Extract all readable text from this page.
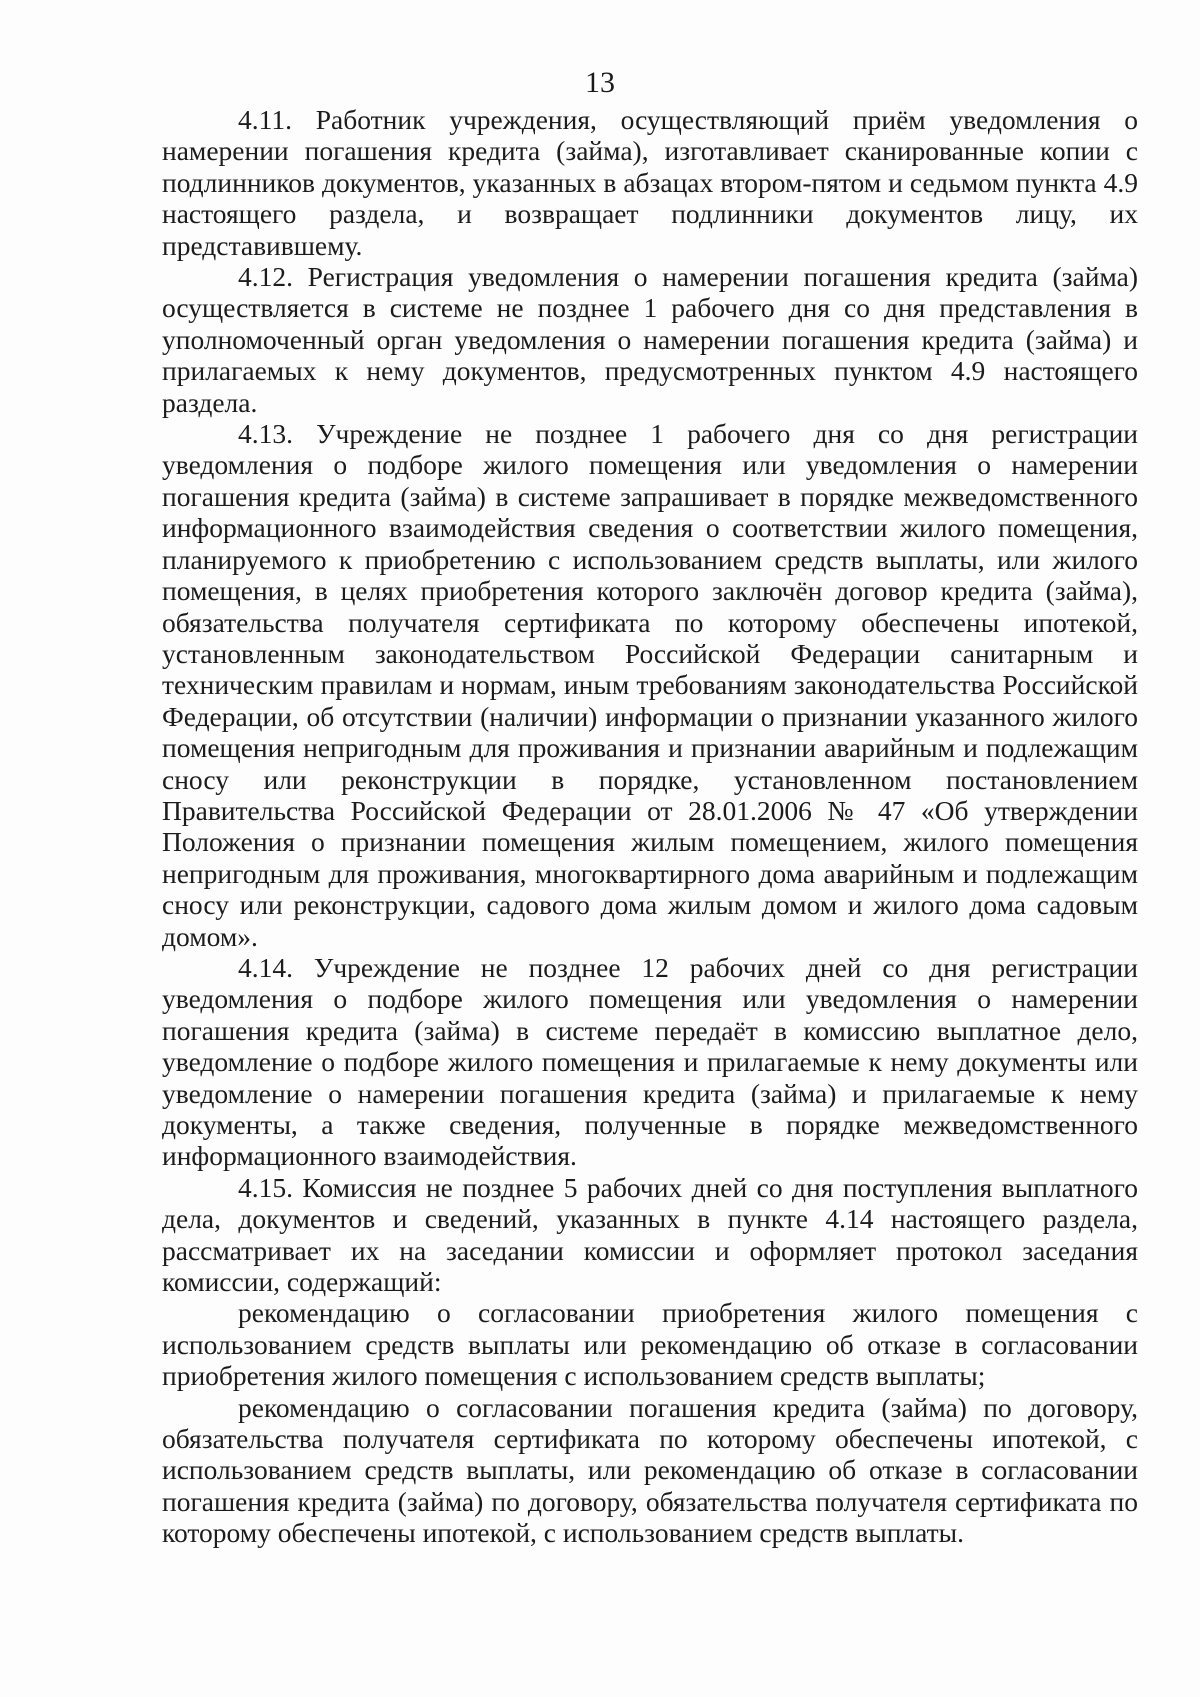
13

4.11. Работник учреждения, осуществляющий приём уведомления о намерении погашения кредита (займа), изготавливает сканированные копии с подлинников документов, указанных в абзацах втором-пятом и седьмом пункта 4.9 настоящего раздела, и возвращает подлинники документов лицу, их представившему.

4.12. Регистрация уведомления о намерении погашения кредита (займа) осуществляется в системе не позднее 1 рабочего дня со дня представления в уполномоченный орган уведомления о намерении погашения кредита (займа) и прилагаемых к нему документов, предусмотренных пунктом 4.9 настоящего раздела.

4.13. Учреждение не позднее 1 рабочего дня со дня регистрации уведомления о подборе жилого помещения или уведомления о намерении погашения кредита (займа) в системе запрашивает в порядке межведомственного информационного взаимодействия сведения о соответствии жилого помещения, планируемого к приобретению с использованием средств выплаты, или жилого помещения, в целях приобретения которого заключён договор кредита (займа), обязательства получателя сертификата по которому обеспечены ипотекой, установленным законодательством Российской Федерации санитарным и техническим правилам и нормам, иным требованиям законодательства Российской Федерации, об отсутствии (наличии) информации о признании указанного жилого помещения непригодным для проживания и признании аварийным и подлежащим сносу или реконструкции в порядке, установленном постановлением Правительства Российской Федерации от 28.01.2006 № 47 «Об утверждении Положения о признании помещения жилым помещением, жилого помещения непригодным для проживания, многоквартирного дома аварийным и подлежащим сносу или реконструкции, садового дома жилым домом и жилого дома садовым домом».

4.14. Учреждение не позднее 12 рабочих дней со дня регистрации уведомления о подборе жилого помещения или уведомления о намерении погашения кредита (займа) в системе передаёт в комиссию выплатное дело, уведомление о подборе жилого помещения и прилагаемые к нему документы или уведомление о намерении погашения кредита (займа) и прилагаемые к нему документы, а также сведения, полученные в порядке межведомственного информационного взаимодействия.

4.15. Комиссия не позднее 5 рабочих дней со дня поступления выплатного дела, документов и сведений, указанных в пункте 4.14 настоящего раздела, рассматривает их на заседании комиссии и оформляет протокол заседания комиссии, содержащий:

рекомендацию о согласовании приобретения жилого помещения с использованием средств выплаты или рекомендацию об отказе в согласовании приобретения жилого помещения с использованием средств выплаты;

рекомендацию о согласовании погашения кредита (займа) по договору, обязательства получателя сертификата по которому обеспечены ипотекой, с использованием средств выплаты, или рекомендацию об отказе в согласовании погашения кредита (займа) по договору, обязательства получателя сертификата по которому обеспечены ипотекой, с использованием средств выплаты.
